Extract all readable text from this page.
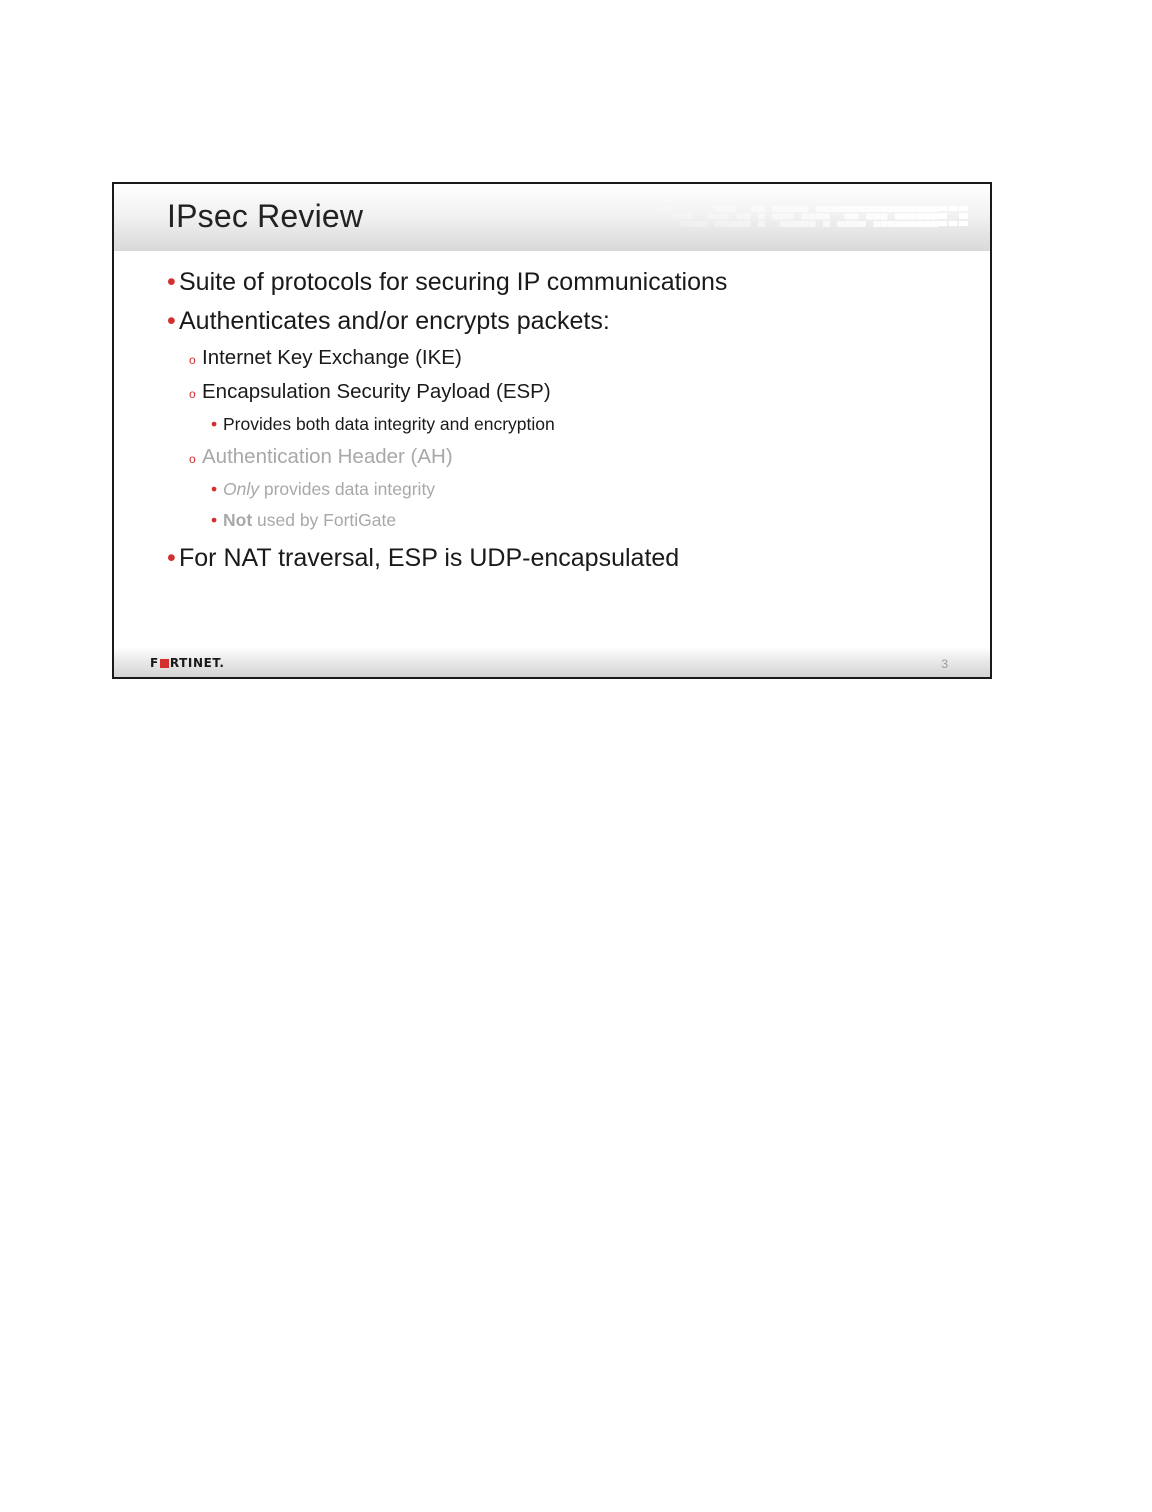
IPsec Review
• Suite of protocols for securing IP communications
• Authenticates and/or encrypts packets:
o Internet Key Exchange (IKE)
o Encapsulation Security Payload (ESP)
• Provides both data integrity and encryption
o Authentication Header (AH)
• Only provides data integrity
• Not used by FortiGate
• For NAT traversal, ESP is UDP-encapsulated
F RTINET.	3
